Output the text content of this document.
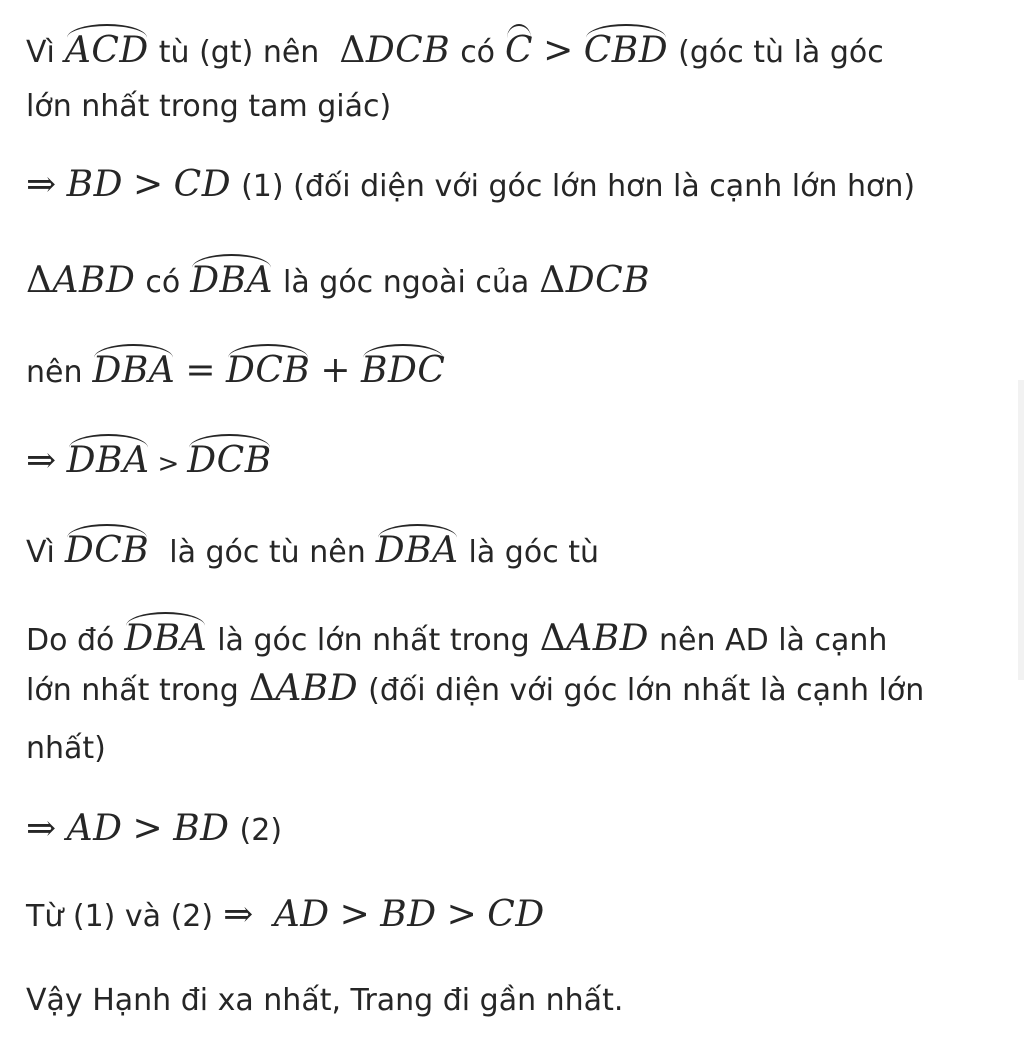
Vì ACD tù (gt) nên Δ DCB có C > CBD (góc tù là góc
lớn nhất trong tam giác)
⇒ BD > CD (1) (đối diện với góc lớn hơn là cạnh lớn hơn)
Δ ABD có DBA là góc ngoài của Δ DCB
nên DBA = DCB + BDC
⇒ DBA > DCB
Vì DCB là góc tù nên DBA là góc tù
Do đó DBA là góc lớn nhất trong Δ ABD nên AD là cạnh
lớn nhất trong Δ ABD (đối diện với góc lớn nhất là cạnh lớn
nhất)
⇒ AD > BD (2)
Từ (1) và (2) ⇒ AD > BD > CD
Vậy Hạnh đi xa nhất, Trang đi gần nhất.
